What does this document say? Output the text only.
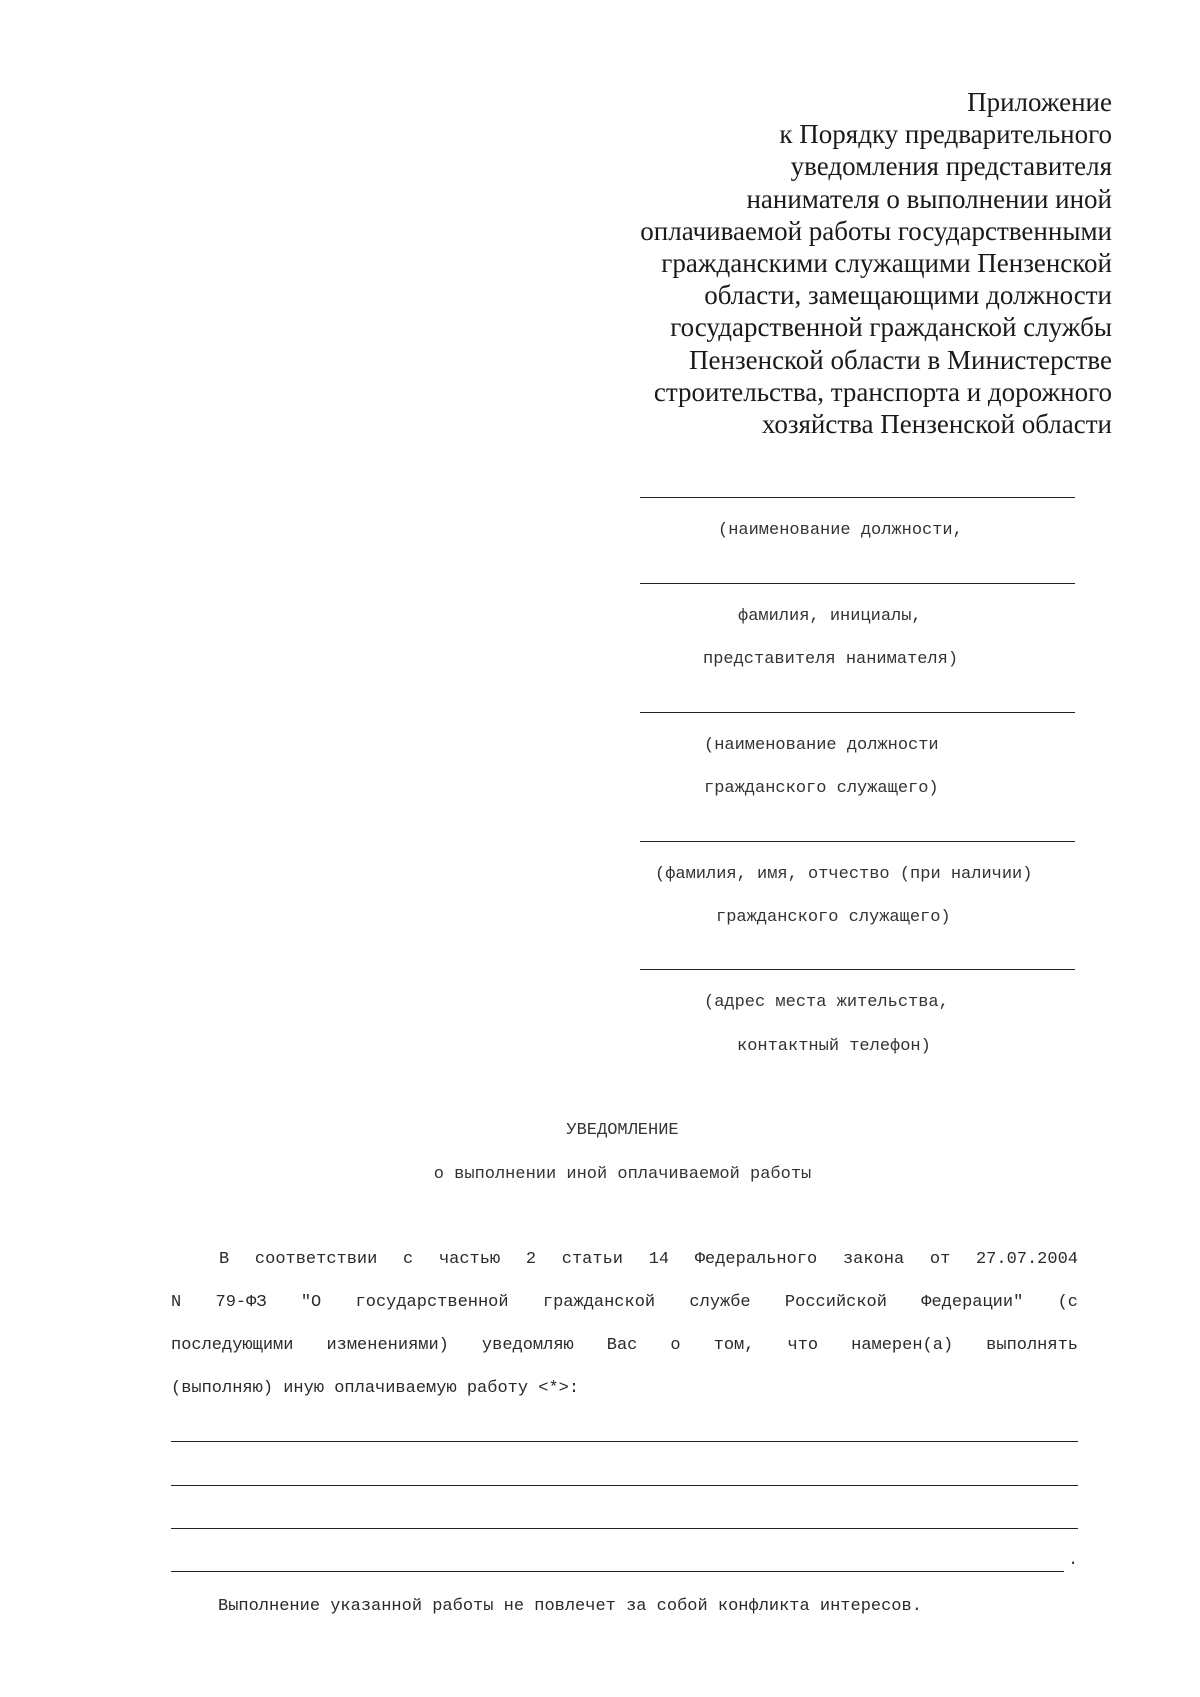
Приложение
к Порядку предварительного
уведомления представителя
нанимателя о выполнении иной
оплачиваемой работы государственными
гражданскими служащими Пензенской
области, замещающими должности
государственной гражданской службы
Пензенской области в Министерстве
строительства, транспорта и дорожного
хозяйства Пензенской области
(наименование должности,
фамилия, инициалы,
представителя нанимателя)
(наименование должности
гражданского служащего)
(фамилия, имя, отчество (при наличии)
гражданского служащего)
(адрес места жительства,
контактный телефон)
УВЕДОМЛЕНИЕ
о выполнении иной оплачиваемой работы
В соответствии с частью 2 статьи 14 Федерального закона от 27.07.2004
N 79-ФЗ "О государственной гражданской службе Российской Федерации" (с
последующими изменениями) уведомляю Вас о том, что намерен(а) выполнять
(выполняю) иную оплачиваемую работу <*>:
.
Выполнение указанной работы не повлечет за собой конфликта интересов.
